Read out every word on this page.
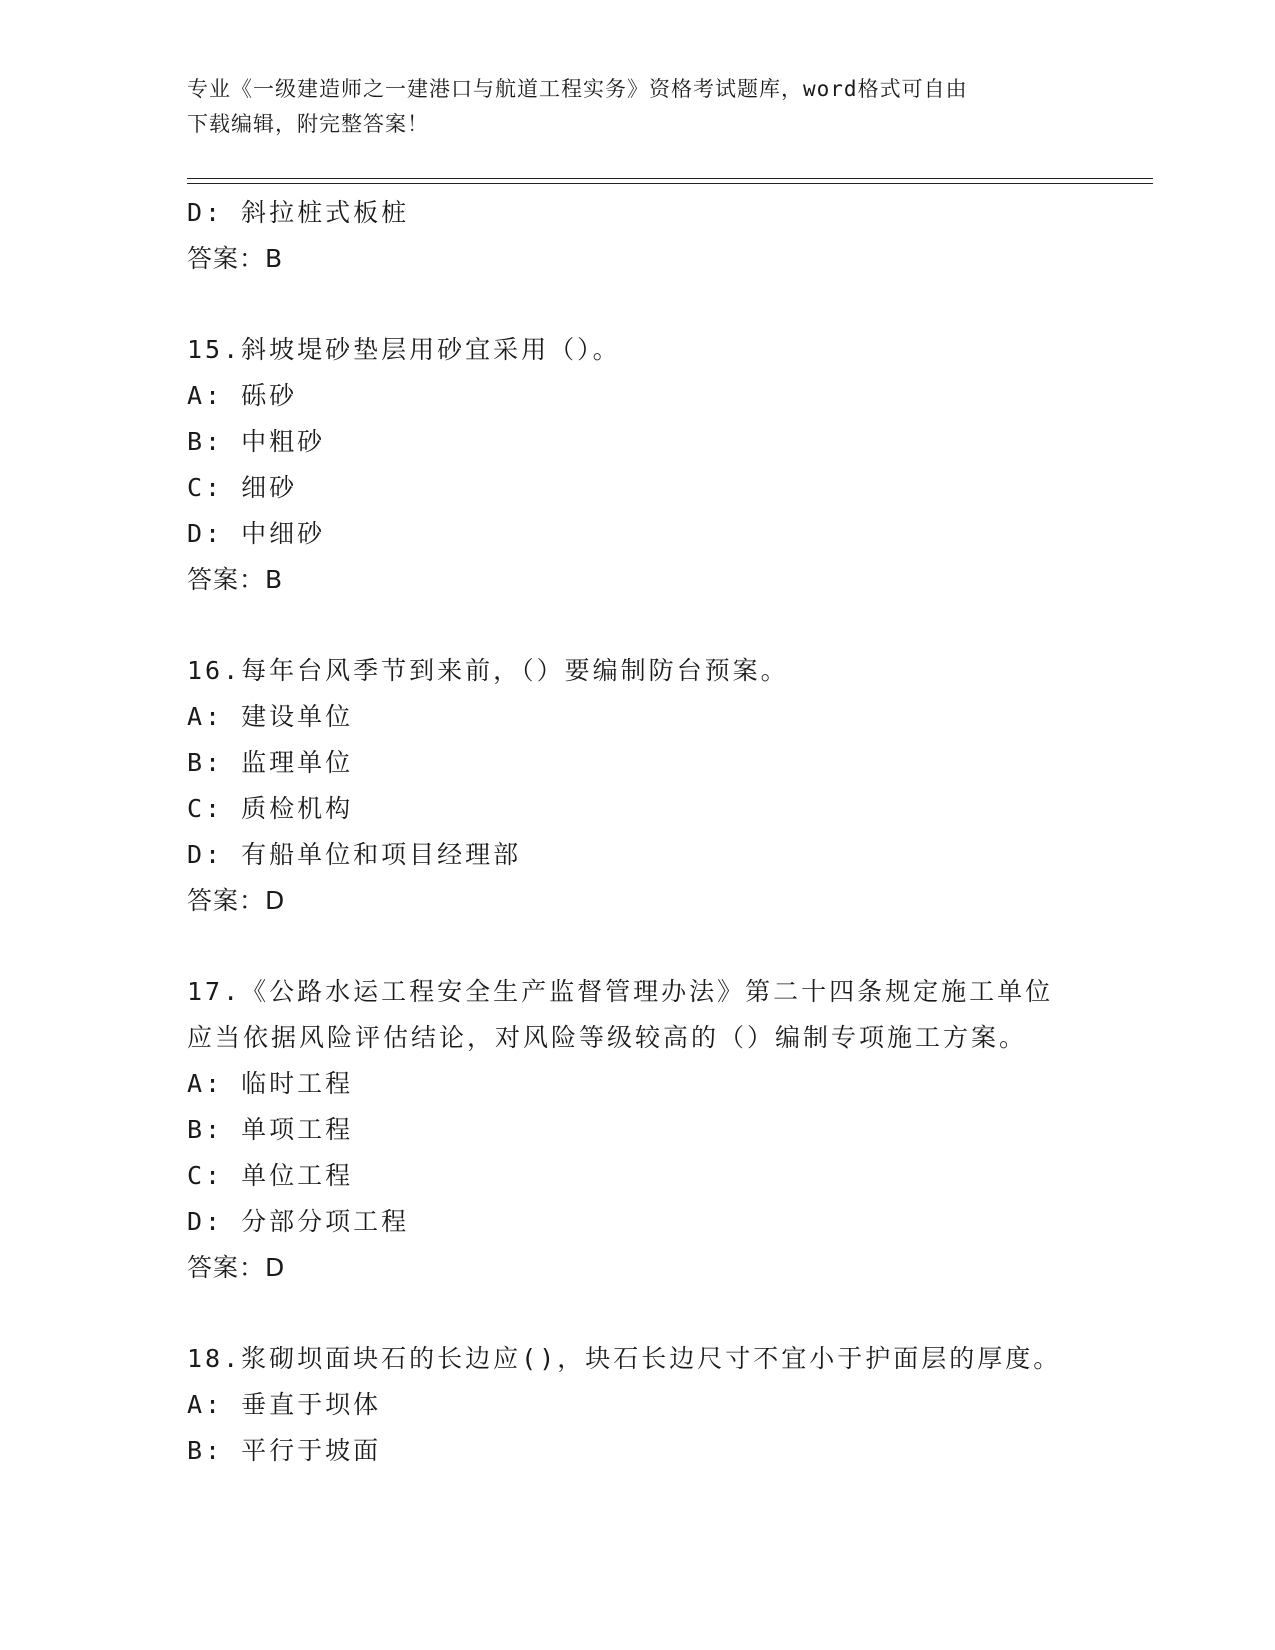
专业《一级建造师之一建港口与航道工程实务》资格考试题库，word格式可自由
下载编辑，附完整答案！
D: 斜拉桩式板桩
答案：B
15.斜坡堤砂垫层用砂宜采用（）。
A: 砾砂
B: 中粗砂
C: 细砂
D: 中细砂
答案：B
16.每年台风季节到来前，（）要编制防台预案。
A: 建设单位
B: 监理单位
C: 质检机构
D: 有船单位和项目经理部
答案：D
17.《公路水运工程安全生产监督管理办法》第二十四条规定施工单位
应当依据风险评估结论，对风险等级较高的（）编制专项施工方案。
A: 临时工程
B: 单项工程
C: 单位工程
D: 分部分项工程
答案：D
18.浆砌坝面块石的长边应()，块石长边尺寸不宜小于护面层的厚度。
A: 垂直于坝体
B: 平行于坡面
